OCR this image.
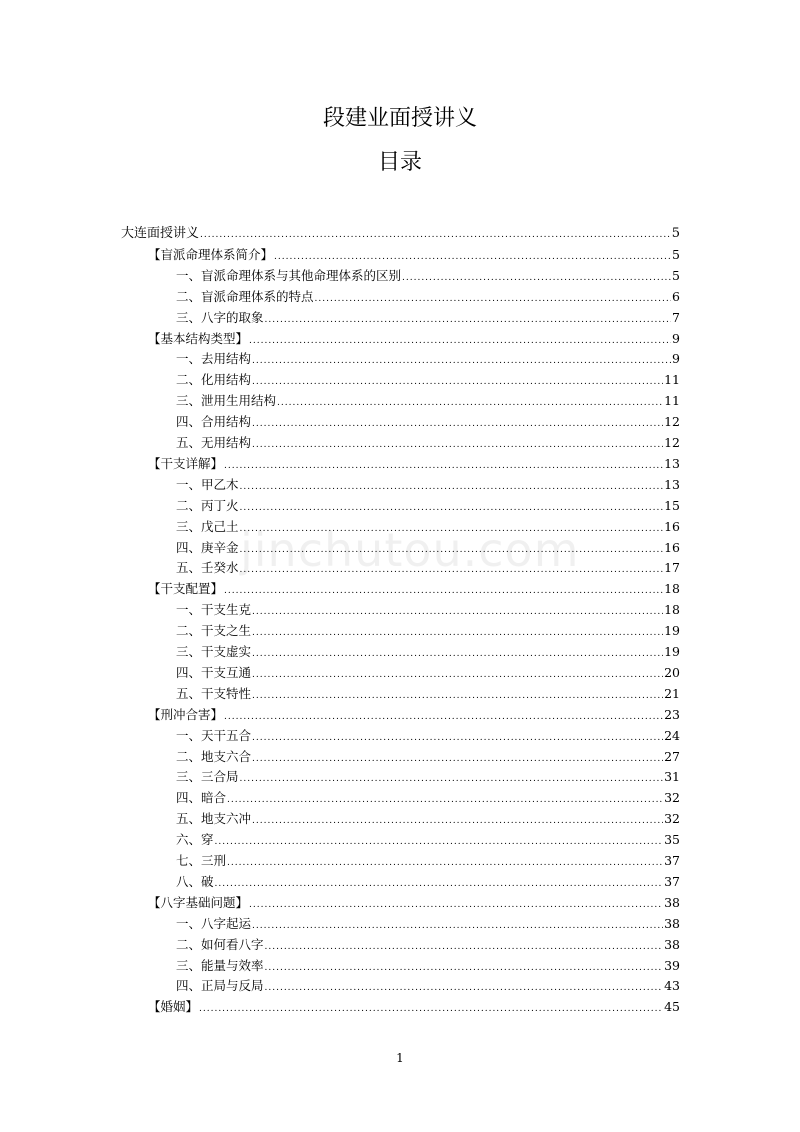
段建业面授讲义
目录
大连面授讲义 .....	5
【盲派命理体系简介】 .....	5
一、盲派命理体系与其他命理体系的区别 .....	5
二、盲派命理体系的特点 .....	6
三、八字的取象 .....	7
【基本结构类型】 .....	9
一、去用结构 .....	9
二、化用结构 .....	11
三、泄用生用结构 .....	11
四、合用结构 .....	12
五、无用结构 .....	12
【干支详解】 .....	13
一、甲乙木 .....	13
二、丙丁火 .....	15
三、戊己土 .....	16
四、庚辛金 .....	16
五、壬癸水 .....	17
【干支配置】 .....	18
一、干支生克 .....	18
二、干支之生 .....	19
三、干支虚实 .....	19
四、干支互通 .....	20
五、干支特性 .....	21
【刑冲合害】 .....	23
一、天干五合 .....	24
二、地支六合 .....	27
三、三合局 .....	31
四、暗合 .....	32
五、地支六冲 .....	32
六、穿 .....	35
七、三刑 .....	37
八、破 .....	37
【八字基础问题】 .....	38
一、八字起运 .....	38
二、如何看八字 .....	38
三、能量与效率 .....	39
四、正局与反局 .....	43
【婚姻】 .....	45
jinchutou.com
1
